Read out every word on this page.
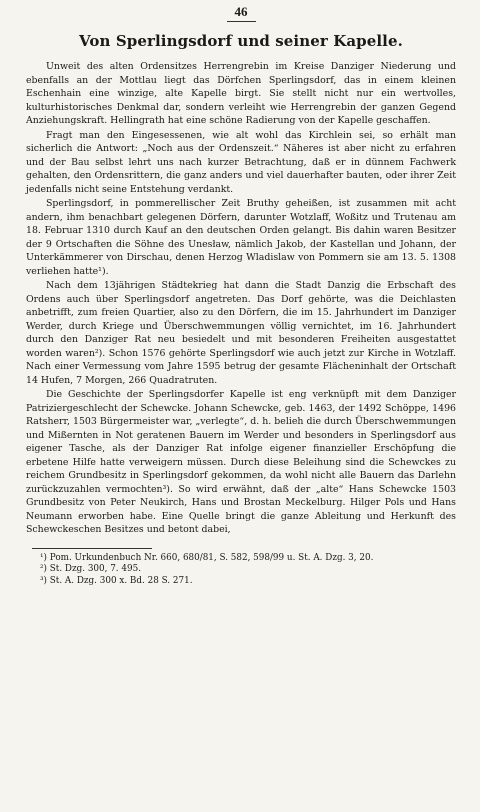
46
Von Sperlingsdorf und seiner Kapelle.

Unweit des alten Ordensitzes Herrengrebin im Kreise Danziger Niederung und ebenfalls an der Mottlau liegt das Dörfchen Sperlingsdorf, das in einem kleinen Eschenhain eine winzige, alte Kapelle birgt. Sie stellt nicht nur ein wertvolles, kulturhistorisches Denkmal dar, sondern verleiht wie Herrengrebin der ganzen Gegend Anziehungskraft. Hellingrath hat eine schöne Radierung von der Kapelle geschaffen.

Fragt man den Eingesessenen, wie alt wohl das Kirchlein sei, so erhält man sicherlich die Antwort: „Noch aus der Ordenszeit.“ Näheres ist aber nicht zu erfahren und der Bau selbst lehrt uns nach kurzer Betrachtung, daß er in dünnem Fachwerk gehalten, den Ordensrittern, die ganz anders und viel dauerhafter bauten, oder ihrer Zeit jedenfalls nicht seine Entstehung verdankt.

Sperlingsdorf, in pommerellischer Zeit Bruthy geheißen, ist zusammen mit acht andern, ihm benachbart gelegenen Dörfern, darunter Wotzlaff, Woßitz und Trutenau am 18. Februar 1310 durch Kauf an den deutschen Orden gelangt. Bis dahin waren Besitzer der 9 Ortschaften die Söhne des Unesław, nämlich Jakob, der Kastellan und Johann, der Unterkämmerer von Dirschau, denen Herzog Wladislaw von Pommern sie am 13. 5. 1308 verliehen hatte¹).

Nach dem 13jährigen Städtekrieg hat dann die Stadt Danzig die Erbschaft des Ordens auch über Sperlingsdorf angetreten. Das Dorf gehörte, was die Deichlasten anbetrifft, zum freien Quartier, also zu den Dörfern, die im 15. Jahrhundert im Danziger Werder, durch Kriege und Überschwemmungen völlig vernichtet, im 16. Jahrhundert durch den Danziger Rat neu besiedelt und mit besonderen Freiheiten ausgestattet worden waren²). Schon 1576 gehörte Sperlingsdorf wie auch jetzt zur Kirche in Wotzlaff. Nach einer Vermessung vom Jahre 1595 betrug der gesamte Flächeninhalt der Ortschaft 14 Hufen, 7 Morgen, 266 Quadratruten.

Die Geschichte der Sperlingsdorfer Kapelle ist eng verknüpft mit dem Danziger Patriziergeschlecht der Schewcke. Johann Schewcke, geb. 1463, der 1492 Schöppe, 1496 Ratsherr, 1503 Bürgermeister war, „verlegte“, d. h. belieh die durch Überschwemmungen und Mißernten in Not geratenen Bauern im Werder und besonders in Sperlingsdorf aus eigener Tasche, als der Danziger Rat infolge eigener finanzieller Erschöpfung die erbetene Hilfe hatte verweigern müssen. Durch diese Beleihung sind die Schewckes zu reichem Grundbesitz in Sperlingsdorf gekommen, da wohl nicht alle Bauern das Darlehn zurückzuzahlen vermochten³). So wird erwähnt, daß der „alte“ Hans Schewcke 1503 Grundbesitz von Peter Neukirch, Hans und Brostan Meckelburg. Hilger Pols und Hans Neumann erworben habe. Eine Quelle bringt die ganze Ableitung und Herkunft des Schewckeschen Besitzes und betont dabei,

¹) Pom. Urkundenbuch Nr. 660, 680/81, S. 582, 598/99 u. St. A. Dzg. 3, 20.
²) St. Dzg. 300, 7. 495.
³) St. A. Dzg. 300 x. Bd. 28 S. 271.
